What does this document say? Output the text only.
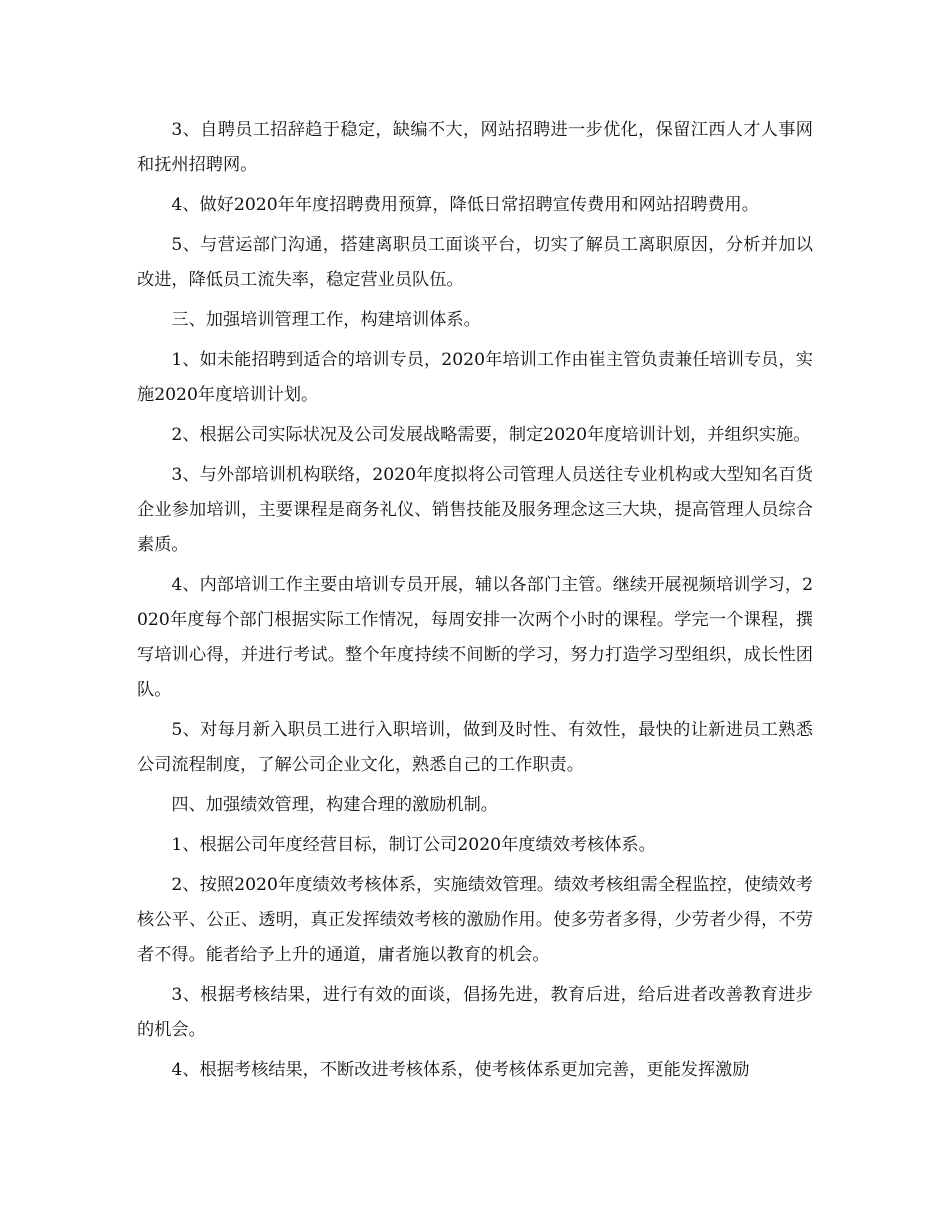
3、自聘员工招辞趋于稳定，缺编不大，网站招聘进一步优化，保留江西人才人事网和抚州招聘网。

4、做好2020年年度招聘费用预算，降低日常招聘宣传费用和网站招聘费用。

5、与营运部门沟通，搭建离职员工面谈平台，切实了解员工离职原因，分析并加以改进，降低员工流失率，稳定营业员队伍。

三、加强培训管理工作，构建培训体系。

1、如未能招聘到适合的培训专员，2020年培训工作由崔主管负责兼任培训专员，实施2020年度培训计划。

2、根据公司实际状况及公司发展战略需要，制定2020年度培训计划，并组织实施。

3、与外部培训机构联络，2020年度拟将公司管理人员送往专业机构或大型知名百货企业参加培训，主要课程是商务礼仪、销售技能及服务理念这三大块，提高管理人员综合素质。

4、内部培训工作主要由培训专员开展，辅以各部门主管。继续开展视频培训学习，2020年度每个部门根据实际工作情况，每周安排一次两个小时的课程。学完一个课程，撰写培训心得，并进行考试。整个年度持续不间断的学习，努力打造学习型组织，成长性团队。

5、对每月新入职员工进行入职培训，做到及时性、有效性，最快的让新进员工熟悉公司流程制度，了解公司企业文化，熟悉自己的工作职责。

四、加强绩效管理，构建合理的激励机制。

1、根据公司年度经营目标，制订公司2020年度绩效考核体系。

2、按照2020年度绩效考核体系，实施绩效管理。绩效考核组需全程监控，使绩效考核公平、公正、透明，真正发挥绩效考核的激励作用。使多劳者多得，少劳者少得，不劳者不得。能者给予上升的通道，庸者施以教育的机会。

3、根据考核结果，进行有效的面谈，倡扬先进，教育后进，给后进者改善教育进步的机会。

4、根据考核结果，不断改进考核体系，使考核体系更加完善，更能发挥激励
